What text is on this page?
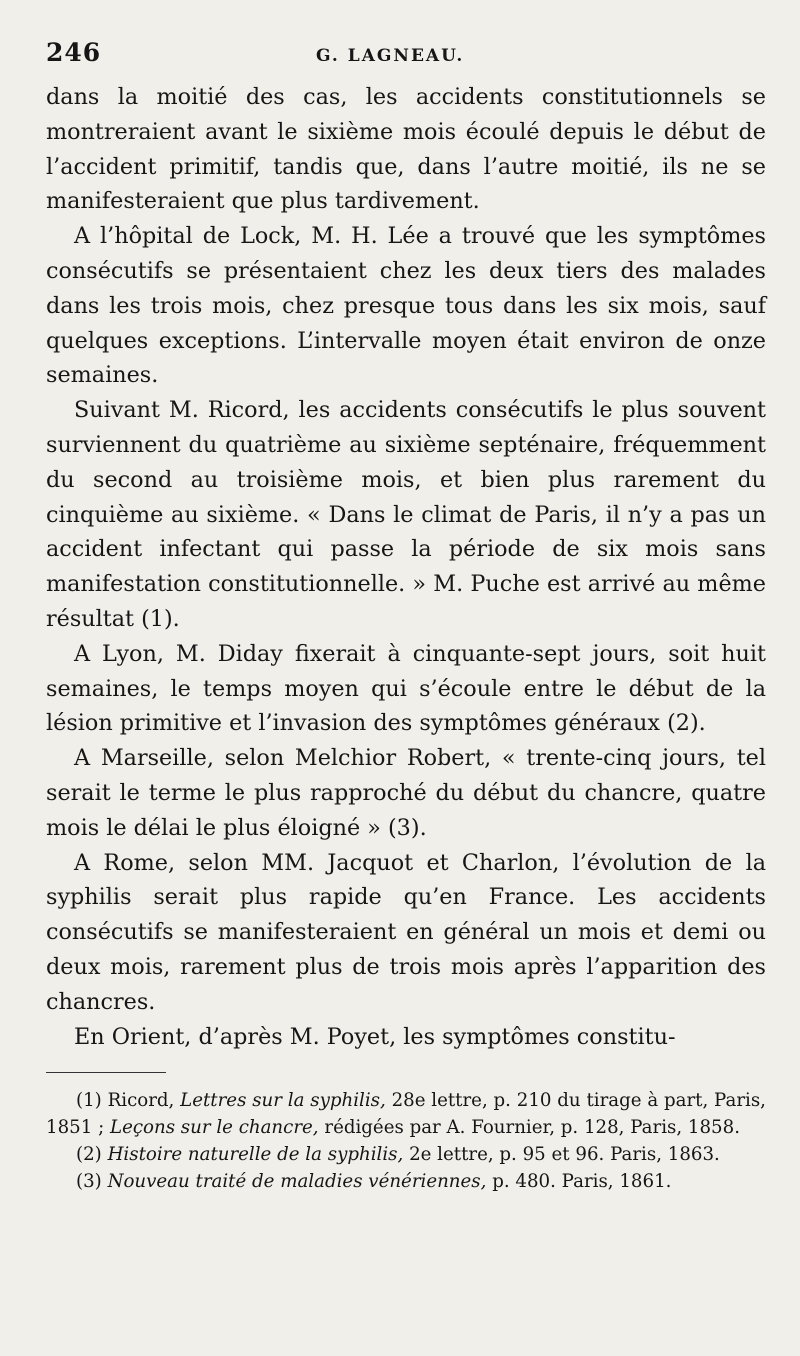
246	G. LAGNEAU.

dans la moitié des cas, les accidents constitutionnels se montreraient avant le sixième mois écoulé depuis le début de l’accident primitif, tandis que, dans l’autre moitié, ils ne se manifesteraient que plus tardivement.

A l’hôpital de Lock, M. H. Lée a trouvé que les symptômes consécutifs se présentaient chez les deux tiers des malades dans les trois mois, chez presque tous dans les six mois, sauf quelques exceptions. L’intervalle moyen était environ de onze semaines.

Suivant M. Ricord, les accidents consécutifs le plus souvent surviennent du quatrième au sixième septénaire, fréquemment du second au troisième mois, et bien plus rarement du cinquième au sixième. « Dans le climat de Paris, il n’y a pas un accident infectant qui passe la période de six mois sans manifestation constitutionnelle. » M. Puche est arrivé au même résultat (1).

A Lyon, M. Diday fixerait à cinquante-sept jours, soit huit semaines, le temps moyen qui s’écoule entre le début de la lésion primitive et l’invasion des symptômes généraux (2).

A Marseille, selon Melchior Robert, « trente-cinq jours, tel serait le terme le plus rapproché du début du chancre, quatre mois le délai le plus éloigné » (3).

A Rome, selon MM. Jacquot et Charlon, l’évolution de la syphilis serait plus rapide qu’en France. Les accidents consécutifs se manifesteraient en général un mois et demi ou deux mois, rarement plus de trois mois après l’apparition des chancres.

En Orient, d’après M. Poyet, les symptômes constitu-

(1) Ricord, Lettres sur la syphilis, 28e lettre, p. 210 du tirage à part, Paris, 1851 ; Leçons sur le chancre, rédigées par A. Fournier, p. 128, Paris, 1858.

(2) Histoire naturelle de la syphilis, 2e lettre, p. 95 et 96. Paris, 1863.

(3) Nouveau traité de maladies vénériennes, p. 480. Paris, 1861.
